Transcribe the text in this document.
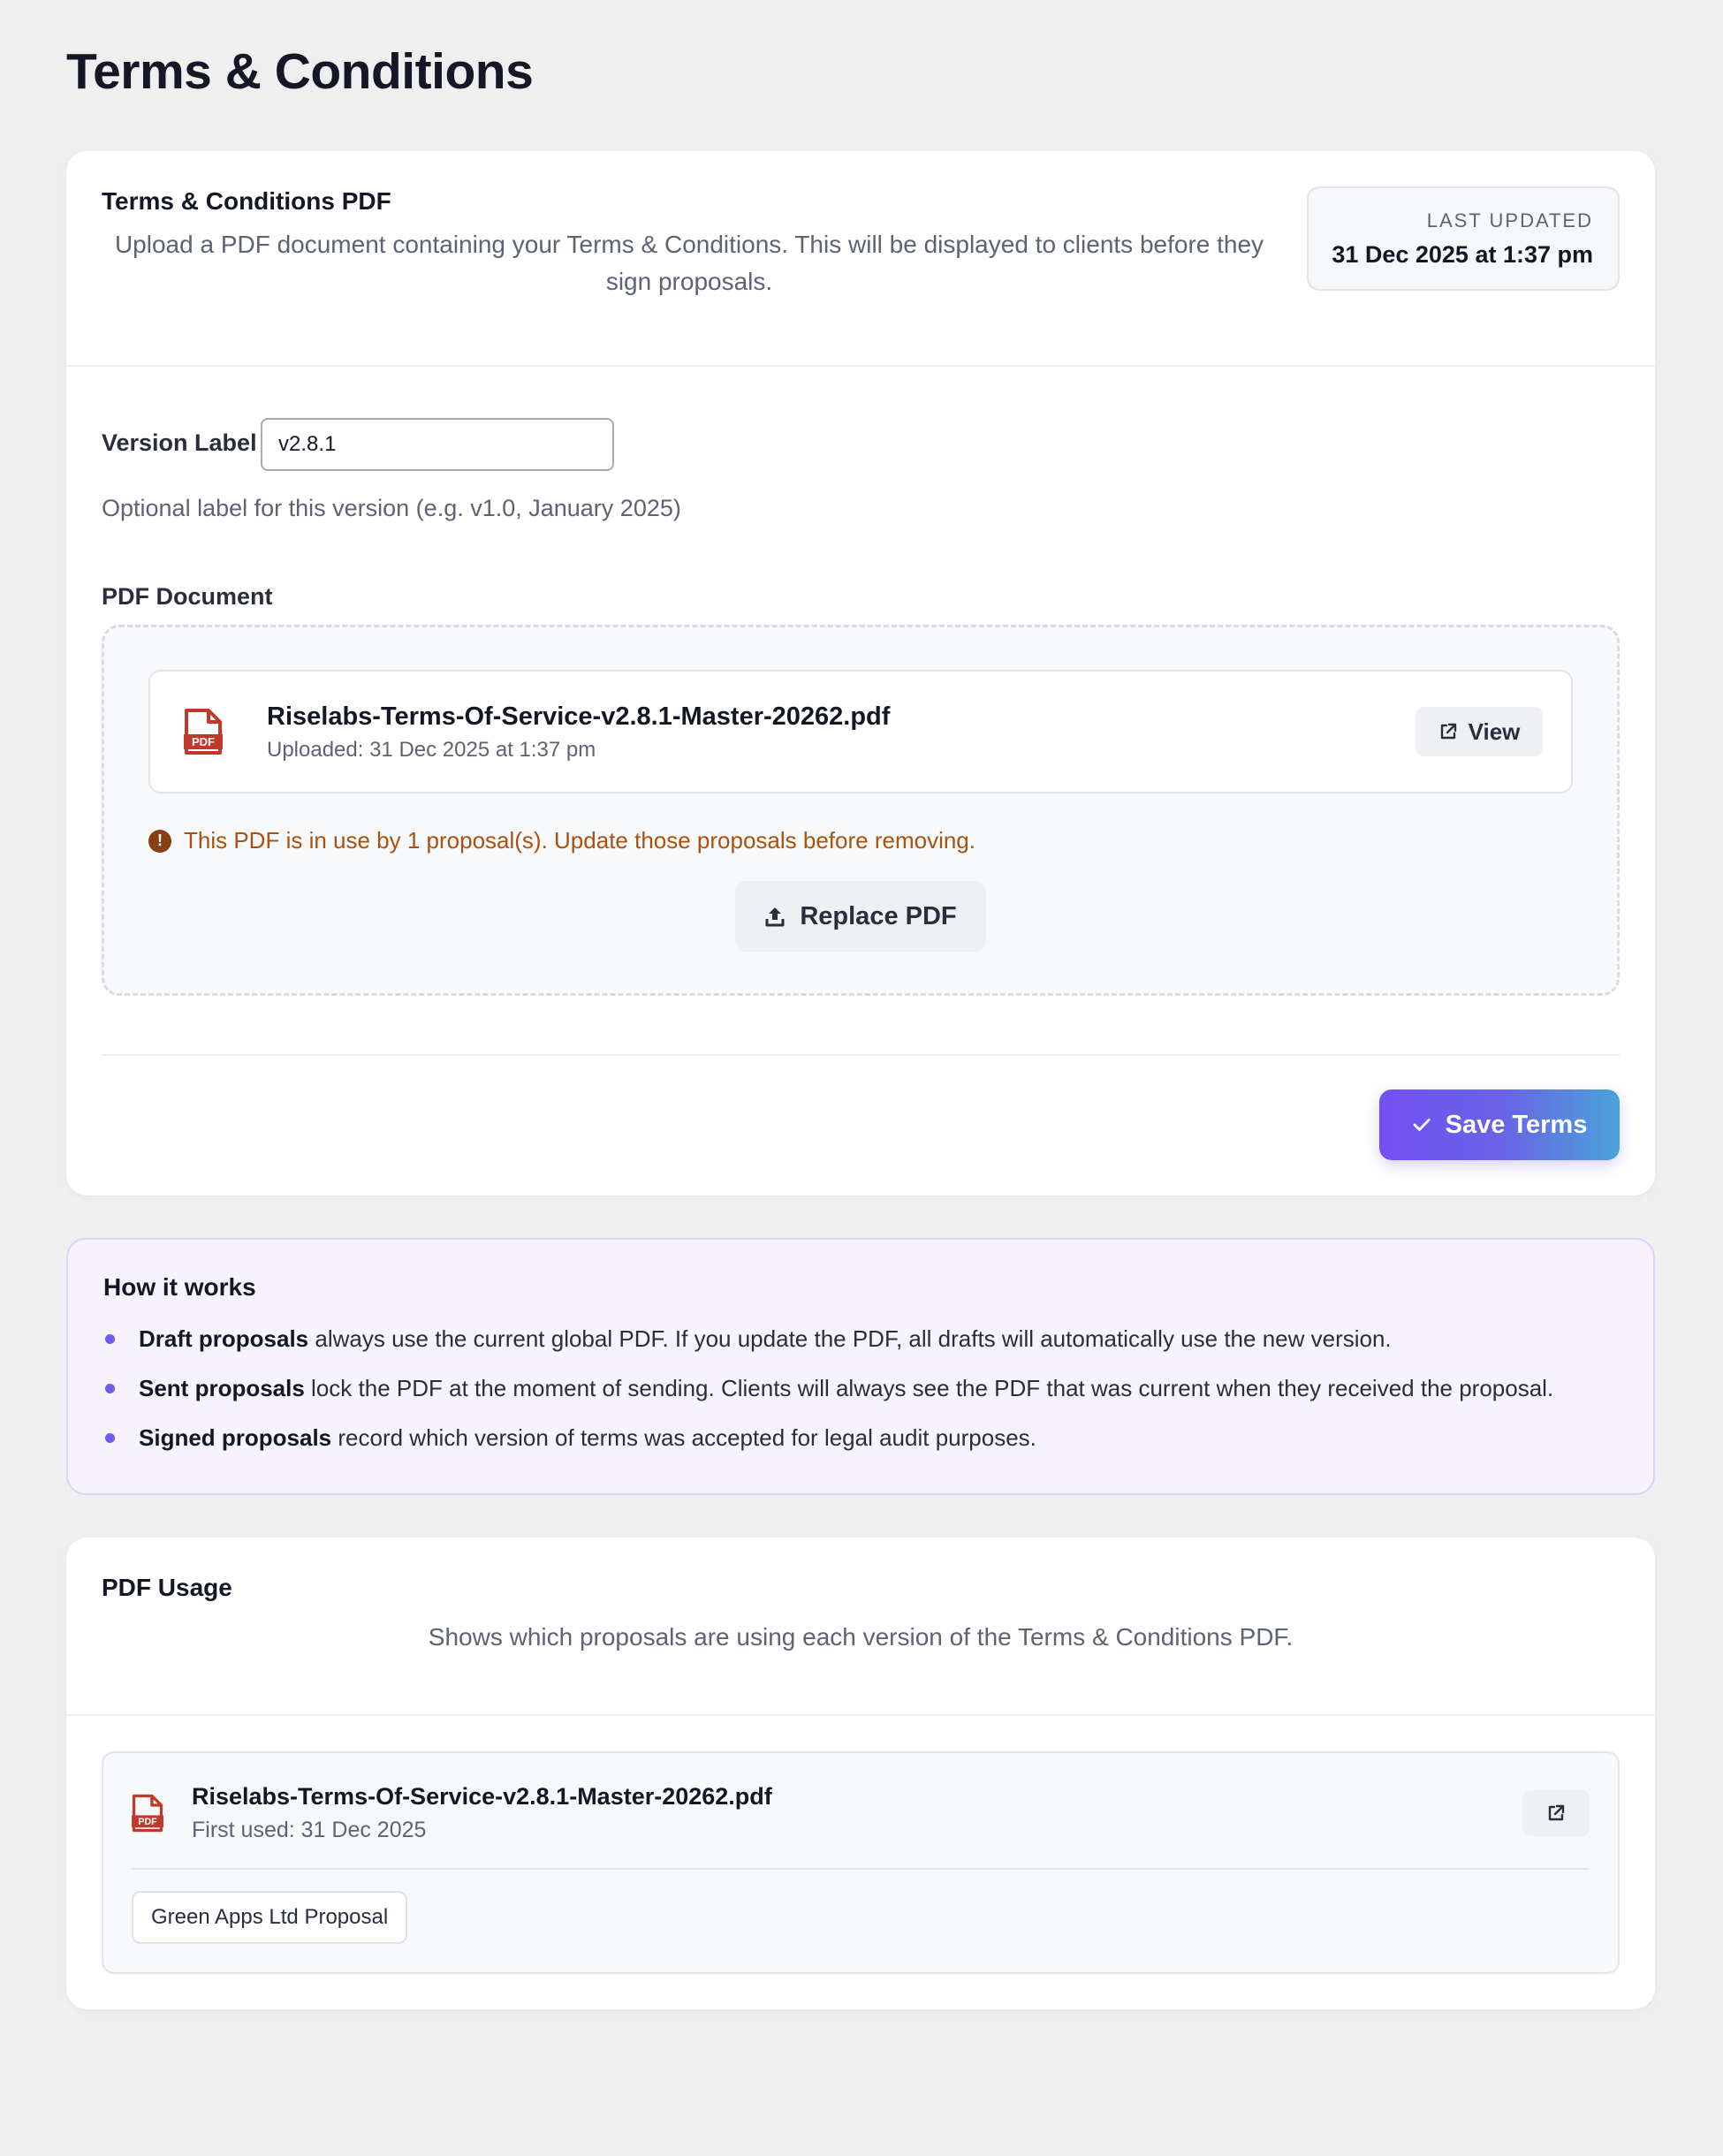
Terms & Conditions
Terms & Conditions PDF

Upload a PDF document containing your Terms & Conditions. This will be displayed to clients before they sign proposals.

LAST UPDATED
31 Dec 2025 at 1:37 pm
Version Label v2.8.1

Optional label for this version (e.g. v1.0, January 2025)

PDF Document
PDF
Riselabs-Terms-Of-Service-v2.8.1-Master-20262.pdf
Uploaded: 31 Dec 2025 at 1:37 pm
View
! This PDF is in use by 1 proposal(s). Update those proposals before removing.
Replace PDF
Save Terms
How it works
Draft proposals always use the current global PDF. If you update the PDF, all drafts will automatically use the new version.
Sent proposals lock the PDF at the moment of sending. Clients will always see the PDF that was current when they received the proposal.
Signed proposals record which version of terms was accepted for legal audit purposes.
PDF Usage

Shows which proposals are using each version of the Terms & Conditions PDF.

PDF
Riselabs-Terms-Of-Service-v2.8.1-Master-20262.pdf
First used: 31 Dec 2025
Green Apps Ltd Proposal
